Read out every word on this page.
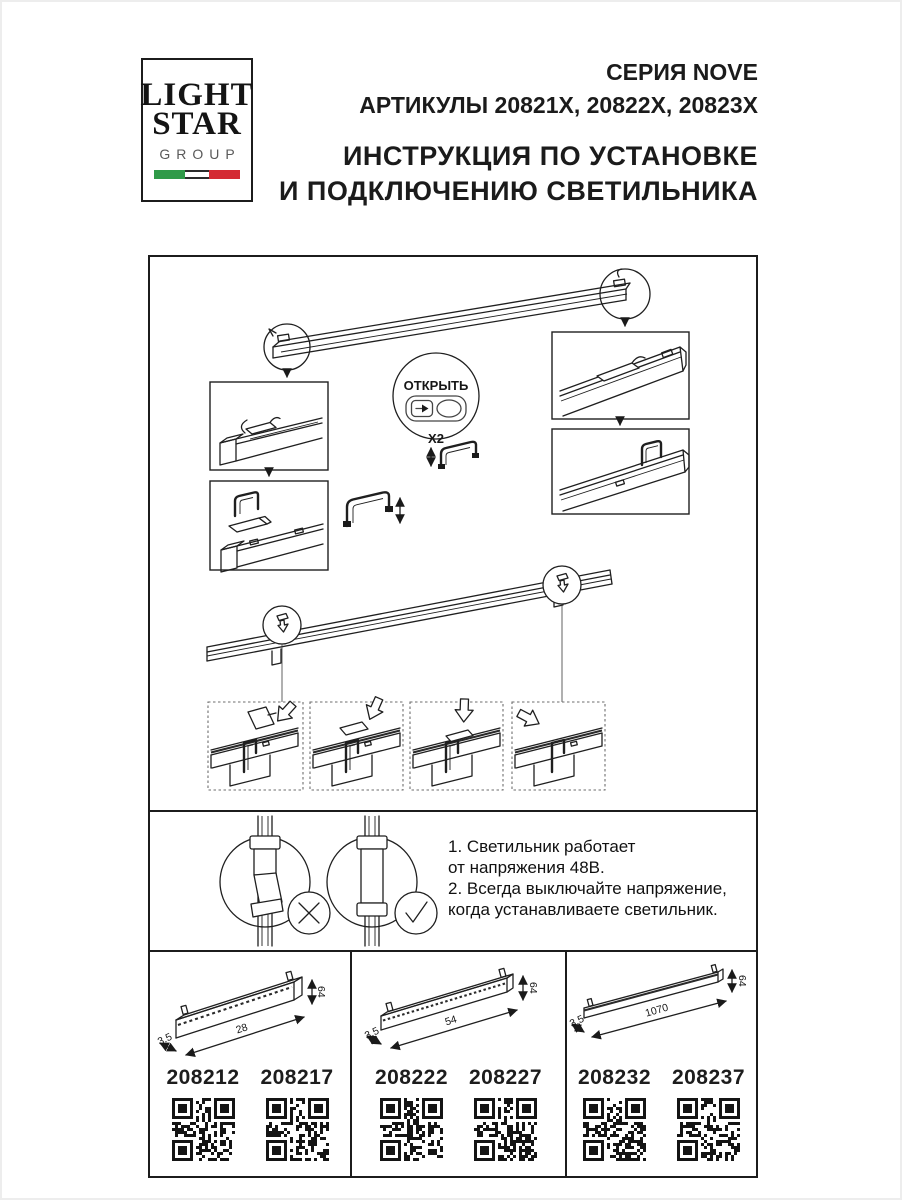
LIGHT
STAR
GROUP
СЕРИЯ NOVE
АРТИКУЛЫ 20821X, 20822X, 20823X
ИНСТРУКЦИЯ ПО УСТАНОВКЕ
И ПОДКЛЮЧЕНИЮ СВЕТИЛЬНИКА
ОТКРЫТЬ
X2
1. Светильник работает
от напряжения 48В.
2. Всегда выключайте напряжение,
когда устанавливаете светильник.
3.5
28
64
208212 208217
3.5
54
64
208222 208227
3.5
1070
64
208232 208237
